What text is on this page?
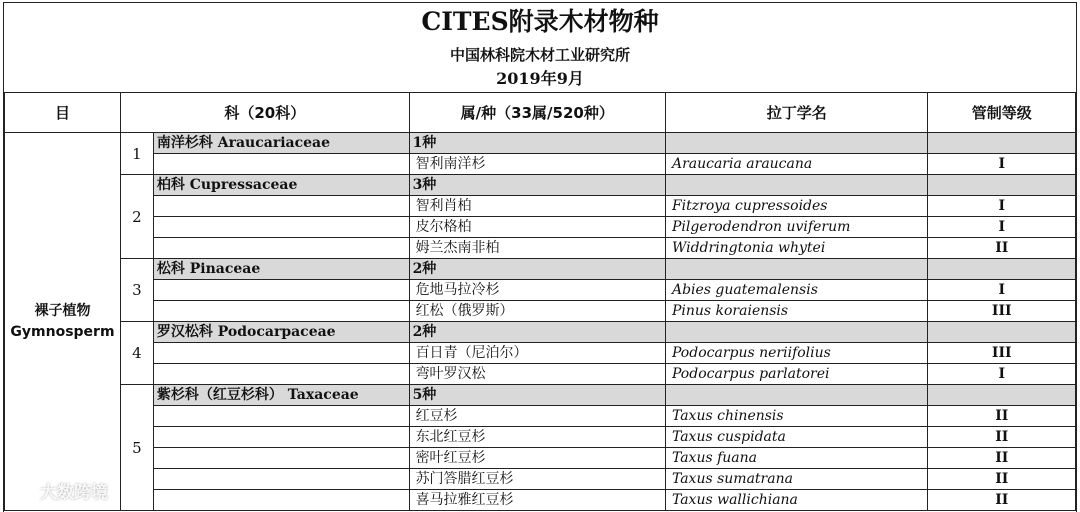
CITES附录木材物种
中国林科院木材工业研究所
2019年9月
目	科（20科）		属/种（33属/520种）	拉丁学名	管制等级

裸子植物
Gymnosperm	1	南洋杉科 Araucariaceae	1种		
			智利南洋杉	Araucaria araucana	I
	2	柏科 Cupressaceae	3种		
			智利肖柏	Fitzroya cupressoides	I
			皮尔格柏	Pilgerodendron uviferum	I
			姆兰杰南非柏	Widdringtonia whytei	II
	3	松科 Pinaceae	2种		
			危地马拉冷杉	Abies guatemalensis	I
			红松（俄罗斯）	Pinus koraiensis	III
	4	罗汉松科 Podocarpaceae	2种		
			百日青（尼泊尔）	Podocarpus neriifolius	III
			弯叶罗汉松	Podocarpus parlatorei	I
	5	紫杉科（红豆杉科） Taxaceae	5种		
			红豆杉	Taxus chinensis	II
			东北红豆杉	Taxus cuspidata	II
			密叶红豆杉	Taxus fuana	II
			苏门答腊红豆杉	Taxus sumatrana	II
			喜马拉雅红豆杉	Taxus wallichiana	II
大数跨境
